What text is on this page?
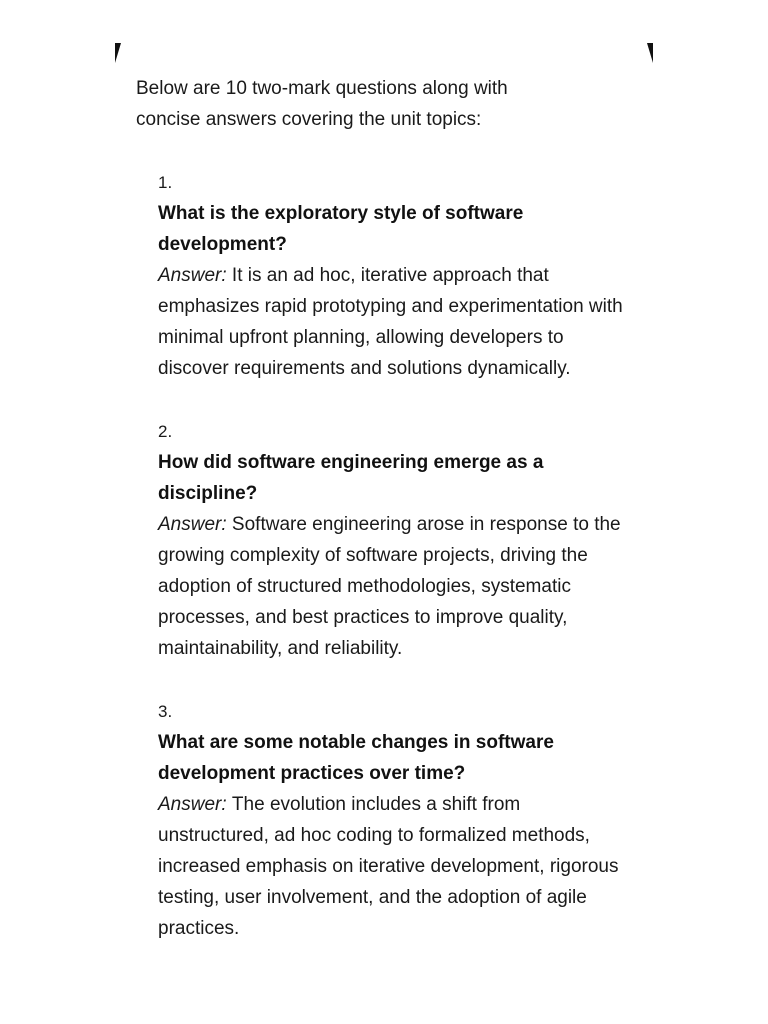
Below are 10 two-mark questions along with concise answers covering the unit topics:

1.
What is the exploratory style of software development?
Answer: It is an ad hoc, iterative approach that emphasizes rapid prototyping and experimentation with minimal upfront planning, allowing developers to discover requirements and solutions dynamically.
2.
How did software engineering emerge as a discipline?
Answer: Software engineering arose in response to the growing complexity of software projects, driving the adoption of structured methodologies, systematic processes, and best practices to improve quality, maintainability, and reliability.
3.
What are some notable changes in software development practices over time?
Answer: The evolution includes a shift from unstructured, ad hoc coding to formalized methods, increased emphasis on iterative development, rigorous testing, user involvement, and the adoption of agile practices.
